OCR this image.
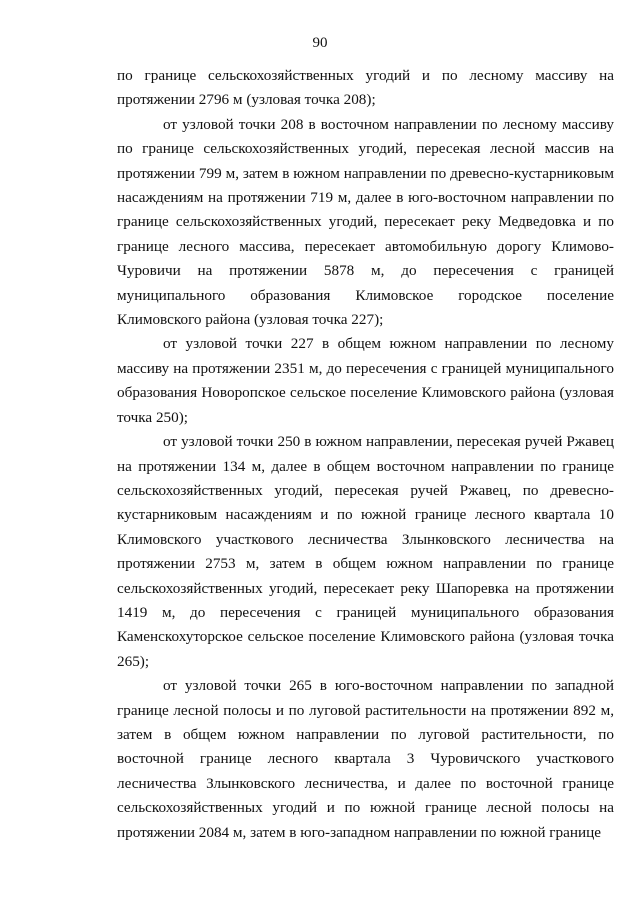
90

по границе сельскохозяйственных угодий и по лесному массиву на протяжении 2796 м (узловая точка 208);

от узловой точки 208 в восточном направлении по лесному массиву по границе сельскохозяйственных угодий, пересекая лесной массив на протяжении 799 м, затем в южном направлении по древесно-кустарниковым насаждениям на протяжении 719 м, далее в юго-восточном направлении по границе сельскохозяйственных угодий, пересекает реку Медведовка и по границе лесного массива, пересекает автомобильную дорогу Климово-Чуровичи на протяжении 5878 м, до пересечения с границей муниципального образования Климовское городское поселение Климовского района (узловая точка 227);

от узловой точки 227 в общем южном направлении по лесному массиву на протяжении 2351 м, до пересечения с границей муниципального образования Новоропское сельское поселение Климовского района (узловая точка 250);

от узловой точки 250 в южном направлении, пересекая ручей Ржавец на протяжении 134 м, далее в общем восточном направлении по границе сельскохозяйственных угодий, пересекая ручей Ржавец, по древесно-кустарниковым насаждениям и по южной границе лесного квартала 10 Климовского участкового лесничества Злынковского лесничества на протяжении 2753 м, затем в общем южном направлении по границе сельскохозяйственных угодий, пересекает реку Шапоревка на протяжении 1419 м, до пересечения с границей муниципального образования Каменскохуторское сельское поселение Климовского района (узловая точка 265);

от узловой точки 265 в юго-восточном направлении по западной границе лесной полосы и по луговой растительности на протяжении 892 м, затем в общем южном направлении по луговой растительности, по восточной границе лесного квартала 3 Чуровичского участкового лесничества Злынковского лесничества, и далее по восточной границе сельскохозяйственных угодий и по южной границе лесной полосы на протяжении 2084 м, затем в юго-западном направлении по южной границе
